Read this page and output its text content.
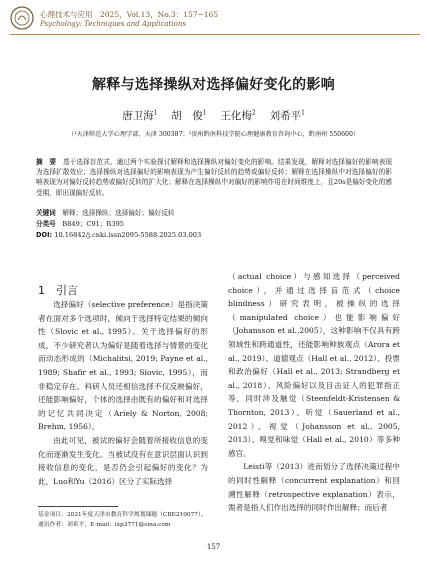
心理技术与应用　 2025，Vol.13，No.3：157−165
Psychology: Techniques and Applications
解释与选择操纵对选择偏好变化的影响
唐卫海$^1$　 胡　俊$^1$　 王化梅$^2$　 刘希平$^1$
（¹天津师范大学心理学部，天津 300387；²贵州黔南科技学院心理健康教育咨询中心，黔南州 550600）

摘　要　 基于选择盲范式，通过两个实验探讨解释和选择操纵对偏好变化的影响。结果发现，解释对选择偏好的影响表现为选择扩散效应；选择操纵对选择偏好的影响表现为产生偏好反转的趋势或偏好反转；解释在选择操纵中对选择偏好的影响表现为对偏好反转趋势或偏好反转的扩大化；解释在选择操纵中对偏好的影响作用在时间维度上，且20s是偏好变化的感受期，即出现偏好反转。

关键词　 解释；选择操纵；选择偏好；偏好反转
分类号　 B849；C91；R395
DOI: 10.16842/j.cnki.issn2095-5588.2025.03.003
1　 引言

选择偏好（selective preference）是指决策者在面对多个选项时，倾向于选择特定结果的倾向性（Slovic et al., 1995）。关于选择偏好的形成，不少研究者认为偏好是随着选择与情景的变化而动态形成的（Michalitsi, 2019; Payne et al., 1989; Shafir et al., 1993; Slovic, 1995），而非稳定存在。科研人员还相信选择不仅反映偏好，还能影响偏好，个体的选择由既有的偏好和对选择的记忆共同决定（Ariely & Norton, 2008; Brehm, 1956）。

由此可见，被试的偏好会随着所接收信息的变化而逐渐发生变化。当被试没有在意识层面认识到接收信息的变化，是否仍会引起偏好的变化？为此，Luo和Yu（2016）区分了实际选择

（actual choice）与感知选择（perceived choice），并通过选择盲范式（choice blindness）研究表明，被操纵的选择（manipulated choice）也能影响偏好（Johansson et al.,2005），这种影响不仅具有跨领域性和跨通道性，还能影响种族观点（Arora et al., 2019）、道德观点（Hall et al., 2012）、投票和政治偏好（Hall et al., 2013; Strandberg et al., 2018）、风险偏好以及目击证人的犯罪指正等，同时涉及触觉（Steenfeldt-Kristensen & Thornton, 2013）、听觉（Sauerland et al., 2012）、视觉（Johansson et al., 2005, 2013）、嗅觉和味觉（Hall et al., 2010）等多种感官。

Leisti等（2013）进而划分了选择决策过程中的同时性解释（concurrent explanation）和回溯性解释（retrospective explanation）表示，需者是指人们作出选择的同时作出解释；而后者

基金项目：2021年度天津市教育科学规划课题（CBE210077）。
通讯作者：刘希平，E-mail：lxp3771@sina.com
157
